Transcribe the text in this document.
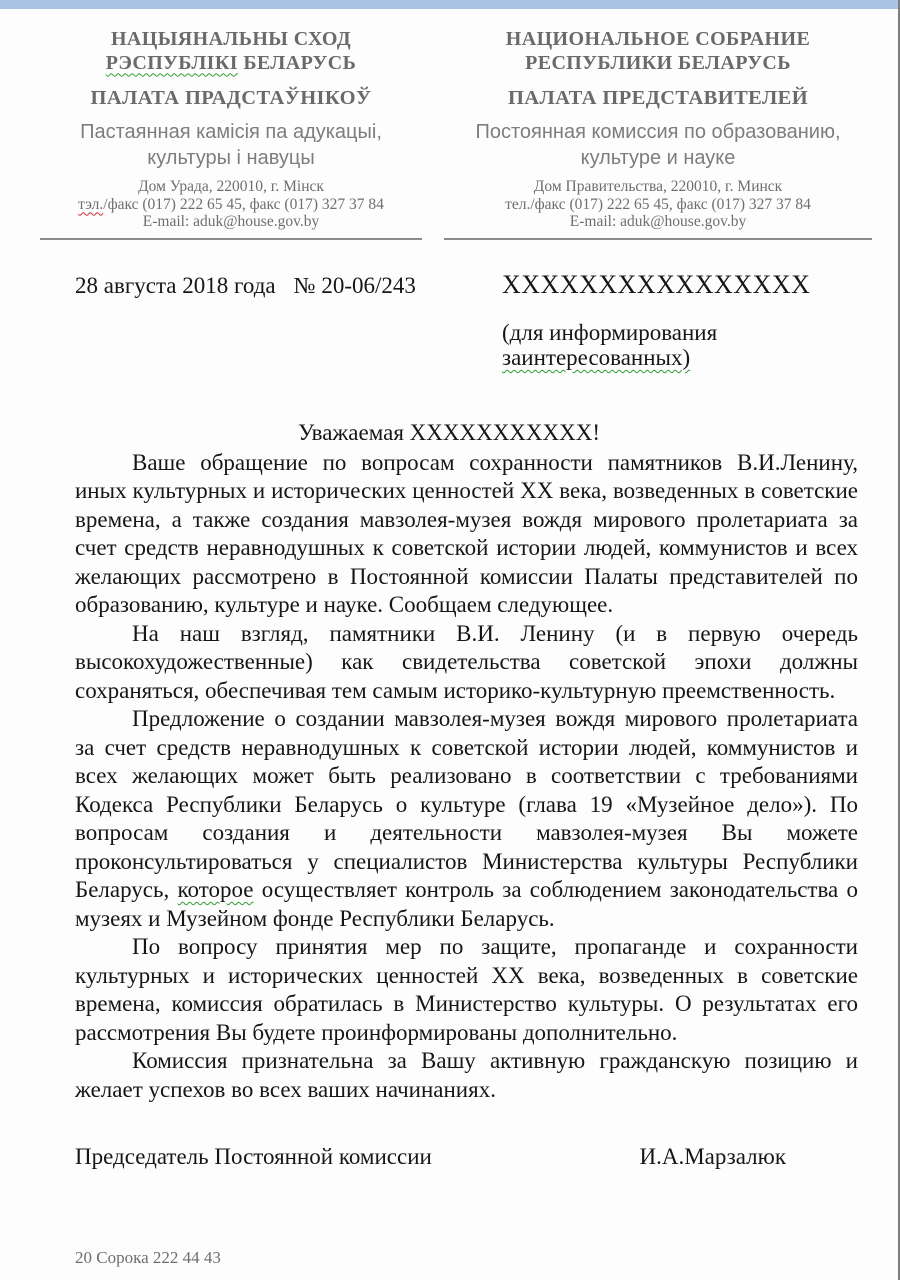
НАЦЫЯНАЛЬНЫ СХОД
РЭСПУБЛІКІ БЕЛАРУСЬ
ПАЛАТА ПРАДСТАЎНІКОЎ
Пастаянная камісія па адукацыі,
культуры і навуцы
Дом Урада, 220010, г. Мінск
тэл./факс (017) 222 65 45, факс (017) 327 37 84
E-mail: aduk@house.gov.by
НАЦИОНАЛЬНОЕ СОБРАНИЕ
РЕСПУБЛИКИ БЕЛАРУСЬ
ПАЛАТА ПРЕДСТАВИТЕЛЕЙ
Постоянная комиссия по образованию,
культуре и науке
Дом Правительства, 220010, г. Минск
тел./факс (017) 222 65 45, факс (017) 327 37 84
E-mail: aduk@house.gov.by
28 августа 2018 года № 20-06/243	ХХХХХХХХХХХХХХХХ
(для информирования
заинтересованных)
Уважаемая ХХХХХХХХХХХ!

Ваше обращение по вопросам сохранности памятников В.И.Ленину, иных культурных и исторических ценностей ХХ века, возведенных в советские времена, а также создания мавзолея-музея вождя мирового пролетариата за счет средств неравнодушных к советской истории людей, коммунистов и всех желающих рассмотрено в Постоянной комиссии Палаты представителей по образованию, культуре и науке. Сообщаем следующее.

На наш взгляд, памятники В.И. Ленину (и в первую очередь высокохудожественные) как свидетельства советской эпохи должны сохраняться, обеспечивая тем самым историко-культурную преемственность.

Предложение о создании мавзолея-музея вождя мирового пролетариата за счет средств неравнодушных к советской истории людей, коммунистов и всех желающих может быть реализовано в соответствии с требованиями Кодекса Республики Беларусь о культуре (глава 19 «Музейное дело»). По вопросам создания и деятельности мавзолея-музея Вы можете проконсультироваться у специалистов Министерства культуры Республики Беларусь, которое осуществляет контроль за соблюдением законодательства о музеях и Музейном фонде Республики Беларусь.

По вопросу принятия мер по защите, пропаганде и сохранности культурных и исторических ценностей ХХ века, возведенных в советские времена, комиссия обратилась в Министерство культуры. О результатах его рассмотрения Вы будете проинформированы дополнительно.

Комиссия признательна за Вашу активную гражданскую позицию и желает успехов во всех ваших начинаниях.

Председатель Постоянной комиссии	И.А.Марзалюк
20 Сорока 222 44 43
